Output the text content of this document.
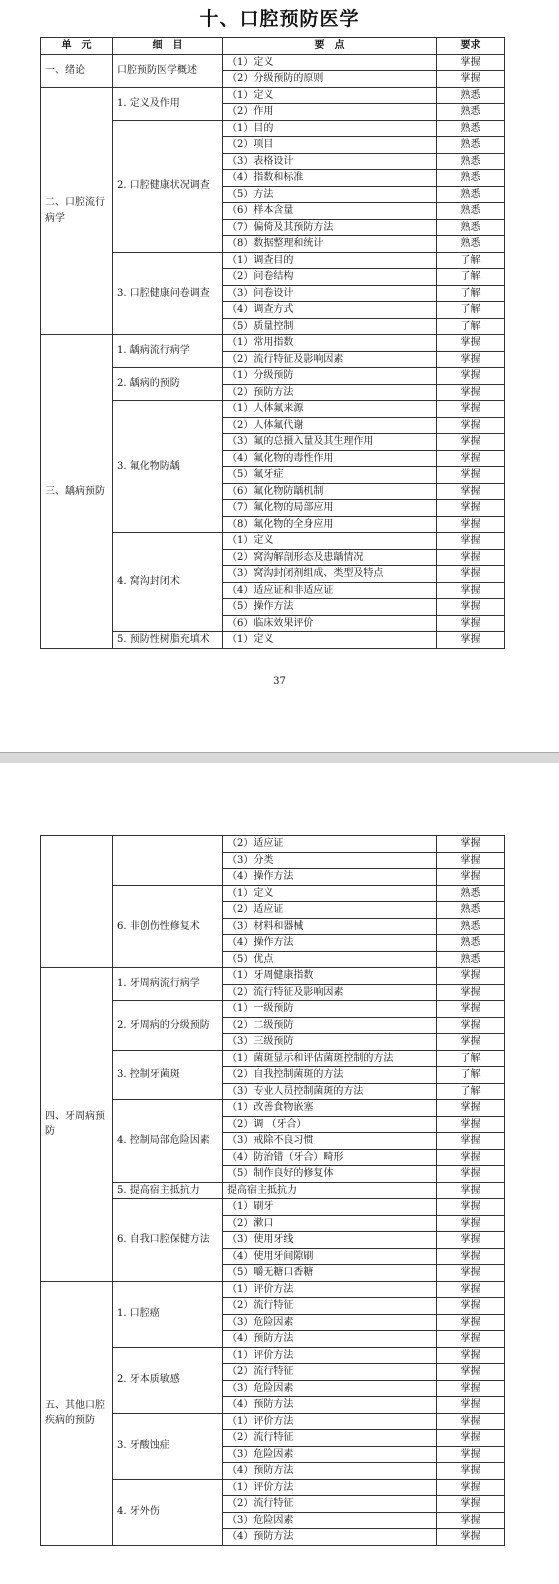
十、口腔预防医学
单　元	细　目	要　点	要求
一、绪论	口腔预防医学概述	（1）定义	掌握
		（2）分级预防的原则	掌握
二、口腔流行病学	1. 定义及作用	（1）定义	熟悉
		（2）作用	熟悉
	2. 口腔健康状况调查	（1）目的	熟悉
		（2）项目	熟悉
		（3）表格设计	熟悉
		（4）指数和标准	熟悉
		（5）方法	熟悉
		（6）样本含量	熟悉
		（7）偏倚及其预防方法	熟悉
		（8）数据整理和统计	熟悉
	3. 口腔健康问卷调查	（1）调查目的	了解
		（2）问卷结构	了解
		（3）问卷设计	了解
		（4）调查方式	了解
		（5）质量控制	了解
三、龋病预防	1. 龋病流行病学	（1）常用指数	掌握
		（2）流行特征及影响因素	掌握
	2. 龋病的预防	（1）分级预防	掌握
		（2）预防方法	掌握
	3. 氟化物防龋	（1）人体氟来源	掌握
		（2）人体氟代谢	掌握
		（3）氟的总摄入量及其生理作用	掌握
		（4）氟化物的毒性作用	掌握
		（5）氟牙症	掌握
		（6）氟化物防龋机制	掌握
		（7）氟化物的局部应用	掌握
		（8）氟化物的全身应用	掌握
	4. 窝沟封闭术	（1）定义	掌握
		（2）窝沟解剖形态及患龋情况	掌握
		（3）窝沟封闭剂组成、类型及特点	掌握
		（4）适应证和非适应证	掌握
		（5）操作方法	掌握
		（6）临床效果评价	掌握
	5. 预防性树脂充填术	（1）定义	掌握
37
		（2）适应证	掌握
		（3）分类	掌握
		（4）操作方法	掌握
	6. 非创伤性修复术	（1）定义	熟悉
		（2）适应证	熟悉
		（3）材料和器械	熟悉
		（4）操作方法	熟悉
		（5）优点	熟悉
四、牙周病预防	1. 牙周病流行病学	（1）牙周健康指数	掌握
		（2）流行特征及影响因素	掌握
	2. 牙周病的分级预防	（1）一级预防	掌握
		（2）二级预防	掌握
		（3）三级预防	掌握
	3. 控制牙菌斑	（1）菌斑显示和评估菌斑控制的方法	了解
		（2）自我控制菌斑的方法	了解
		（3）专业人员控制菌斑的方法	了解
	4. 控制局部危险因素	（1）改善食物嵌塞	掌握
		（2）调 （牙合）	掌握
		（3）戒除不良习惯	掌握
		（4）防治错（牙合）畸形	掌握
		（5）制作良好的修复体	掌握
	5. 提高宿主抵抗力	提高宿主抵抗力	掌握
	6. 自我口腔保健方法	（1）刷牙	掌握
		（2）漱口	掌握
		（3）使用牙线	掌握
		（4）使用牙间隙刷	掌握
		（5）嚼无糖口香糖	掌握
五、其他口腔疾病的预防	1. 口腔癌	（1）评价方法	掌握
		（2）流行特征	掌握
		（3）危险因素	掌握
		（4）预防方法	掌握
	2. 牙本质敏感	（1）评价方法	掌握
		（2）流行特征	掌握
		（3）危险因素	掌握
		（4）预防方法	掌握
	3. 牙酸蚀症	（1）评价方法	掌握
		（2）流行特征	掌握
		（3）危险因素	掌握
		（4）预防方法	掌握
	4. 牙外伤	（1）评价方法	掌握
		（2）流行特征	掌握
		（3）危险因素	掌握
		（4）预防方法	掌握
